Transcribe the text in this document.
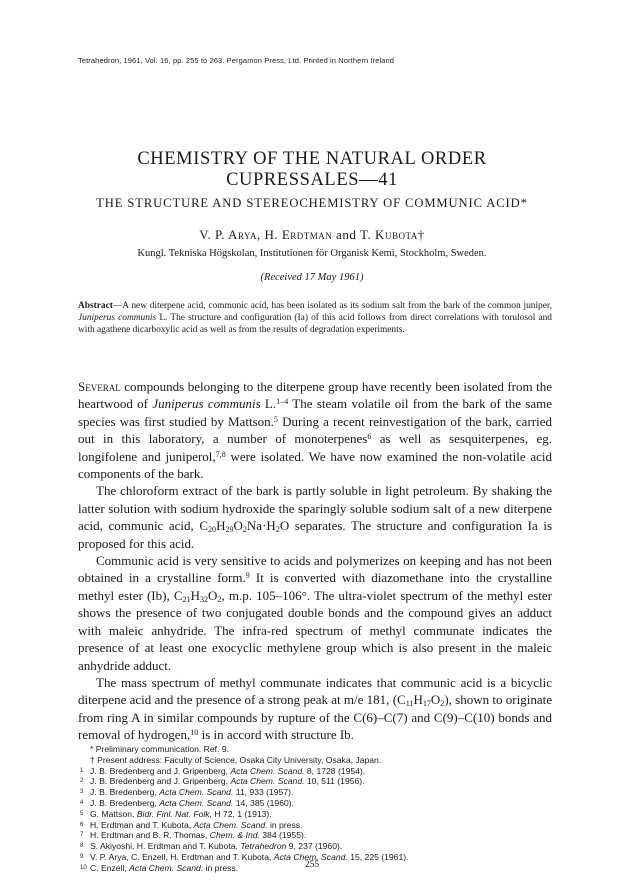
Tetrahedron, 1961, Vol. 16, pp. 255 to 263. Pergamon Press, Ltd. Printed in Northern Ireland
CHEMISTRY OF THE NATURAL ORDER
CUPRESSALES—41
THE STRUCTURE AND STEREOCHEMISTRY OF COMMUNIC ACID*
V. P. Arya, H. Erdtman and T. Kubota†
Kungl. Tekniska Högskolan, Institutionen för Organisk Kemi, Stockholm, Sweden.
(Received 17 May 1961)
Abstract—A new diterpene acid, communic acid, has been isolated as its sodium salt from the bark of the common juniper, Juniperus communis L. The structure and configuration (Ia) of this acid follows from direct correlations with torulosol and with agathene dicarboxylic acid as well as from the results of degradation experiments.

Several compounds belonging to the diterpene group have recently been isolated from the heartwood of Juniperus communis L.$^{1-4}$ The steam volatile oil from the bark of the same species was first studied by Mattson.$^5$ During a recent reinvestigation of the bark, carried out in this laboratory, a number of monoterpenes$^6$ as well as sesquiterpenes, eg. longifolene and juniperol,$^{7,8}$ were isolated. We have now examined the non-volatile acid components of the bark.

The chloroform extract of the bark is partly soluble in light petroleum. By shaking the latter solution with sodium hydroxide the sparingly soluble sodium salt of a new diterpene acid, communic acid, $C_{20}H_{29}O_2Na\cdot H_2O$ separates. The structure and configuration Ia is proposed for this acid.

Communic acid is very sensitive to acids and polymerizes on keeping and has not been obtained in a crystalline form.$^9$ It is converted with diazomethane into the crystalline methyl ester (Ib), $C_{21}H_{32}O_2$, m.p. 105–106°. The ultra-violet spectrum of the methyl ester shows the presence of two conjugated double bonds and the compound gives an adduct with maleic anhydride. The infra-red spectrum of methyl communate indicates the presence of at least one exocyclic methylene group which is also present in the maleic anhydride adduct.

The mass spectrum of methyl communate indicates that communic acid is a bicyclic diterpene acid and the presence of a strong peak at m/e 181, $(C_{11}H_{17}O_2)$, shown to originate from ring A in similar compounds by rupture of the C(6)–C(7) and C(9)–C(10) bonds and removal of hydrogen,$^{10}$ is in accord with structure Ib.

* Preliminary communication. Ref. 9.
† Present address: Faculty of Science, Osaka City University, Osaka, Japan.
1 J. B. Bredenberg and J. Gripenberg, Acta Chem. Scand. 8, 1728 (1954).
2 J. B. Bredenberg and J. Gripenberg, Acta Chem. Scand. 10, 511 (1956).
3 J. B. Bredenberg, Acta Chem. Scand. 11, 933 (1957).
4 J. B. Bredenberg, Acta Chem. Scand. 14, 385 (1960).
5 G. Mattson, Bidr. Finl. Nat. Folk, H 72, 1 (1913).
6 H. Erdtman and T. Kubota, Acta Chem. Scand. in press.
7 H. Erdtman and B. R. Thomas, Chem. & Ind. 384 (1955).
8 S. Akiyoshi, H. Erdtman and T. Kubota, Tetrahedron 9, 237 (1960).
9 V. P. Arya, C. Enzell, H. Erdtman and T. Kubota, Acta Chem. Scand. 15, 225 (1961).
10 C. Enzell, Acta Chem. Scand. in press.	255
